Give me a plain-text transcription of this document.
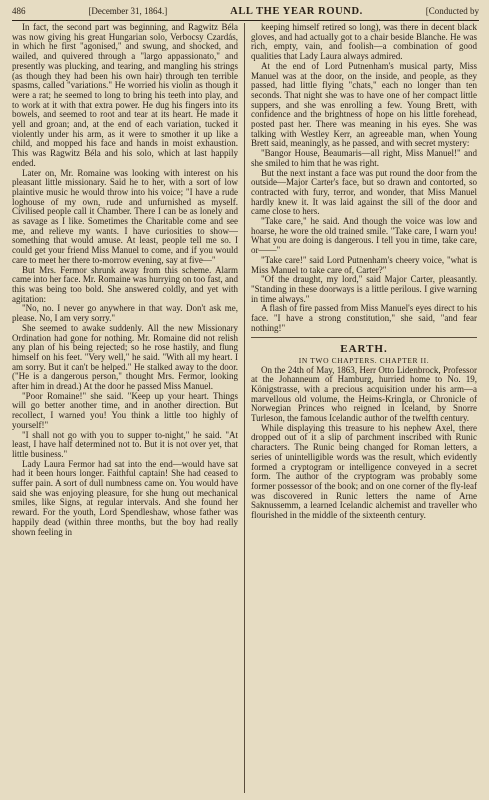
486	[December 31, 1864.]	ALL THE YEAR ROUND.	[Conducted by

In fact, the second part was beginning, and Ragwitz Béla was now giving his great Hungarian solo, Verbocsy Czardás, in which he first "agonised," and swung, and shocked, and wailed, and quivered through a "largo appassionato," and presently was plucking, and tearing, and mangling his strings (as though they had been his own hair) through ten terrible spasms, called "variations." He worried his violin as though it were a rat; he seemed to long to bring his teeth into play, and to work at it with that extra power. He dug his fingers into its bowels, and seemed to root and tear at its heart. He made it yell and groan; and, at the end of each variation, tucked it violently under his arm, as it were to smother it up like a child, and mopped his face and hands in moist exhaustion. This was Ragwitz Béla and his solo, which at last happily ended.

Later on, Mr. Romaine was looking with interest on his pleasant little missionary. Said he to her, with a sort of low plaintive music he would throw into his voice; "I have a rude loghouse of my own, rude and unfurnished as myself. Civilised people call it Chamber. There I can be as lonely and as savage as I like. Sometimes the Charitable come and see me, and relieve my wants. I have curiosities to show—something that would amuse. At least, people tell me so. I could get your friend Miss Manuel to come, and if you would care to meet her there to-morrow evening, say at five—"

But Mrs. Fermor shrunk away from this scheme. Alarm came into her face. Mr. Romaine was hurrying on too fast, and this was being too bold. She answered coldly, and yet with agitation:

"No, no. I never go anywhere in that way. Don't ask me, please. No, I am very sorry."

She seemed to awake suddenly. All the new Missionary Ordination had gone for nothing. Mr. Romaine did not relish any plan of his being rejected; so he rose hastily, and flung himself on his feet. "Very well," he said. "With all my heart. I am sorry. But it can't be helped." He stalked away to the door. ("He is a dangerous person," thought Mrs. Fermor, looking after him in dread.) At the door he passed Miss Manuel.

"Poor Romaine!" she said. "Keep up your heart. Things will go better another time, and in another direction. But recollect, I warned you! You think a little too highly of yourself!"

"I shall not go with you to supper to-night," he said. "At least, I have half determined not to. But it is not over yet, that little business."

Lady Laura Fermor had sat into the end—would have sat had it been hours longer. Faithful captain! She had ceased to suffer pain. A sort of dull numbness came on. You would have said she was enjoying pleasure, for she hung out mechanical smiles, like Signs, at regular intervals. And she found her reward. For the youth, Lord Spendleshaw, whose father was happily dead (within three months, but the boy had really shown feeling in

keeping himself retired so long), was there in decent black gloves, and had actually got to a chair beside Blanche. He was rich, empty, vain, and foolish—a combination of good qualities that Lady Laura always admired.

At the end of Lord Putnenham's musical party, Miss Manuel was at the door, on the inside, and people, as they passed, had little flying "chats," each no longer than ten seconds. That night she was to have one of her compact little suppers, and she was enrolling a few. Young Brett, with confidence and the brightness of hope on his little forehead, posted past her. There was meaning in his eyes. She was talking with Westley Kerr, an agreeable man, when Young Brett said, meaningly, as he passed, and with secret mystery:

"Bangor House, Beaumaris—all right, Miss Manuel!" and she smiled to him that he was right.

But the next instant a face was put round the door from the outside—Major Carter's face, but so drawn and contorted, so contracted with fury, terror, and wonder, that Miss Manuel hardly knew it. It was laid against the sill of the door and came close to hers.

"Take care," he said. And though the voice was low and hoarse, he wore the old trained smile. "Take care, I warn you! What you are doing is dangerous. I tell you in time, take care, or——"

"Take care!" said Lord Putnenham's cheery voice, "what is Miss Manuel to take care of, Carter?"

"Of the draught, my lord," said Major Carter, pleasantly. "Standing in these doorways is a little perilous. I give warning in time always."

A flash of fire passed from Miss Manuel's eyes direct to his face. "I have a strong constitution," she said, "and fear nothing!"

EARTH.
IN TWO CHAPTERS. CHAPTER II.

On the 24th of May, 1863, Herr Otto Lidenbrock, Professor at the Johanneum of Hamburg, hurried home to No. 19, Königstrasse, with a precious acquisition under his arm—a marvellous old volume, the Heims-Kringla, or Chronicle of Norwegian Princes who reigned in Iceland, by Snorre Turleson, the famous Icelandic author of the twelfth century.

While displaying this treasure to his nephew Axel, there dropped out of it a slip of parchment inscribed with Runic characters. The Runic being changed for Roman letters, a series of unintelligible words was the result, which evidently formed a cryptogram or intelligence conveyed in a secret form. The author of the cryptogram was probably some former possessor of the book; and on one corner of the fly-leaf was discovered in Runic letters the name of Arne Saknussemm, a learned Icelandic alchemist and traveller who flourished in the middle of the sixteenth century.
